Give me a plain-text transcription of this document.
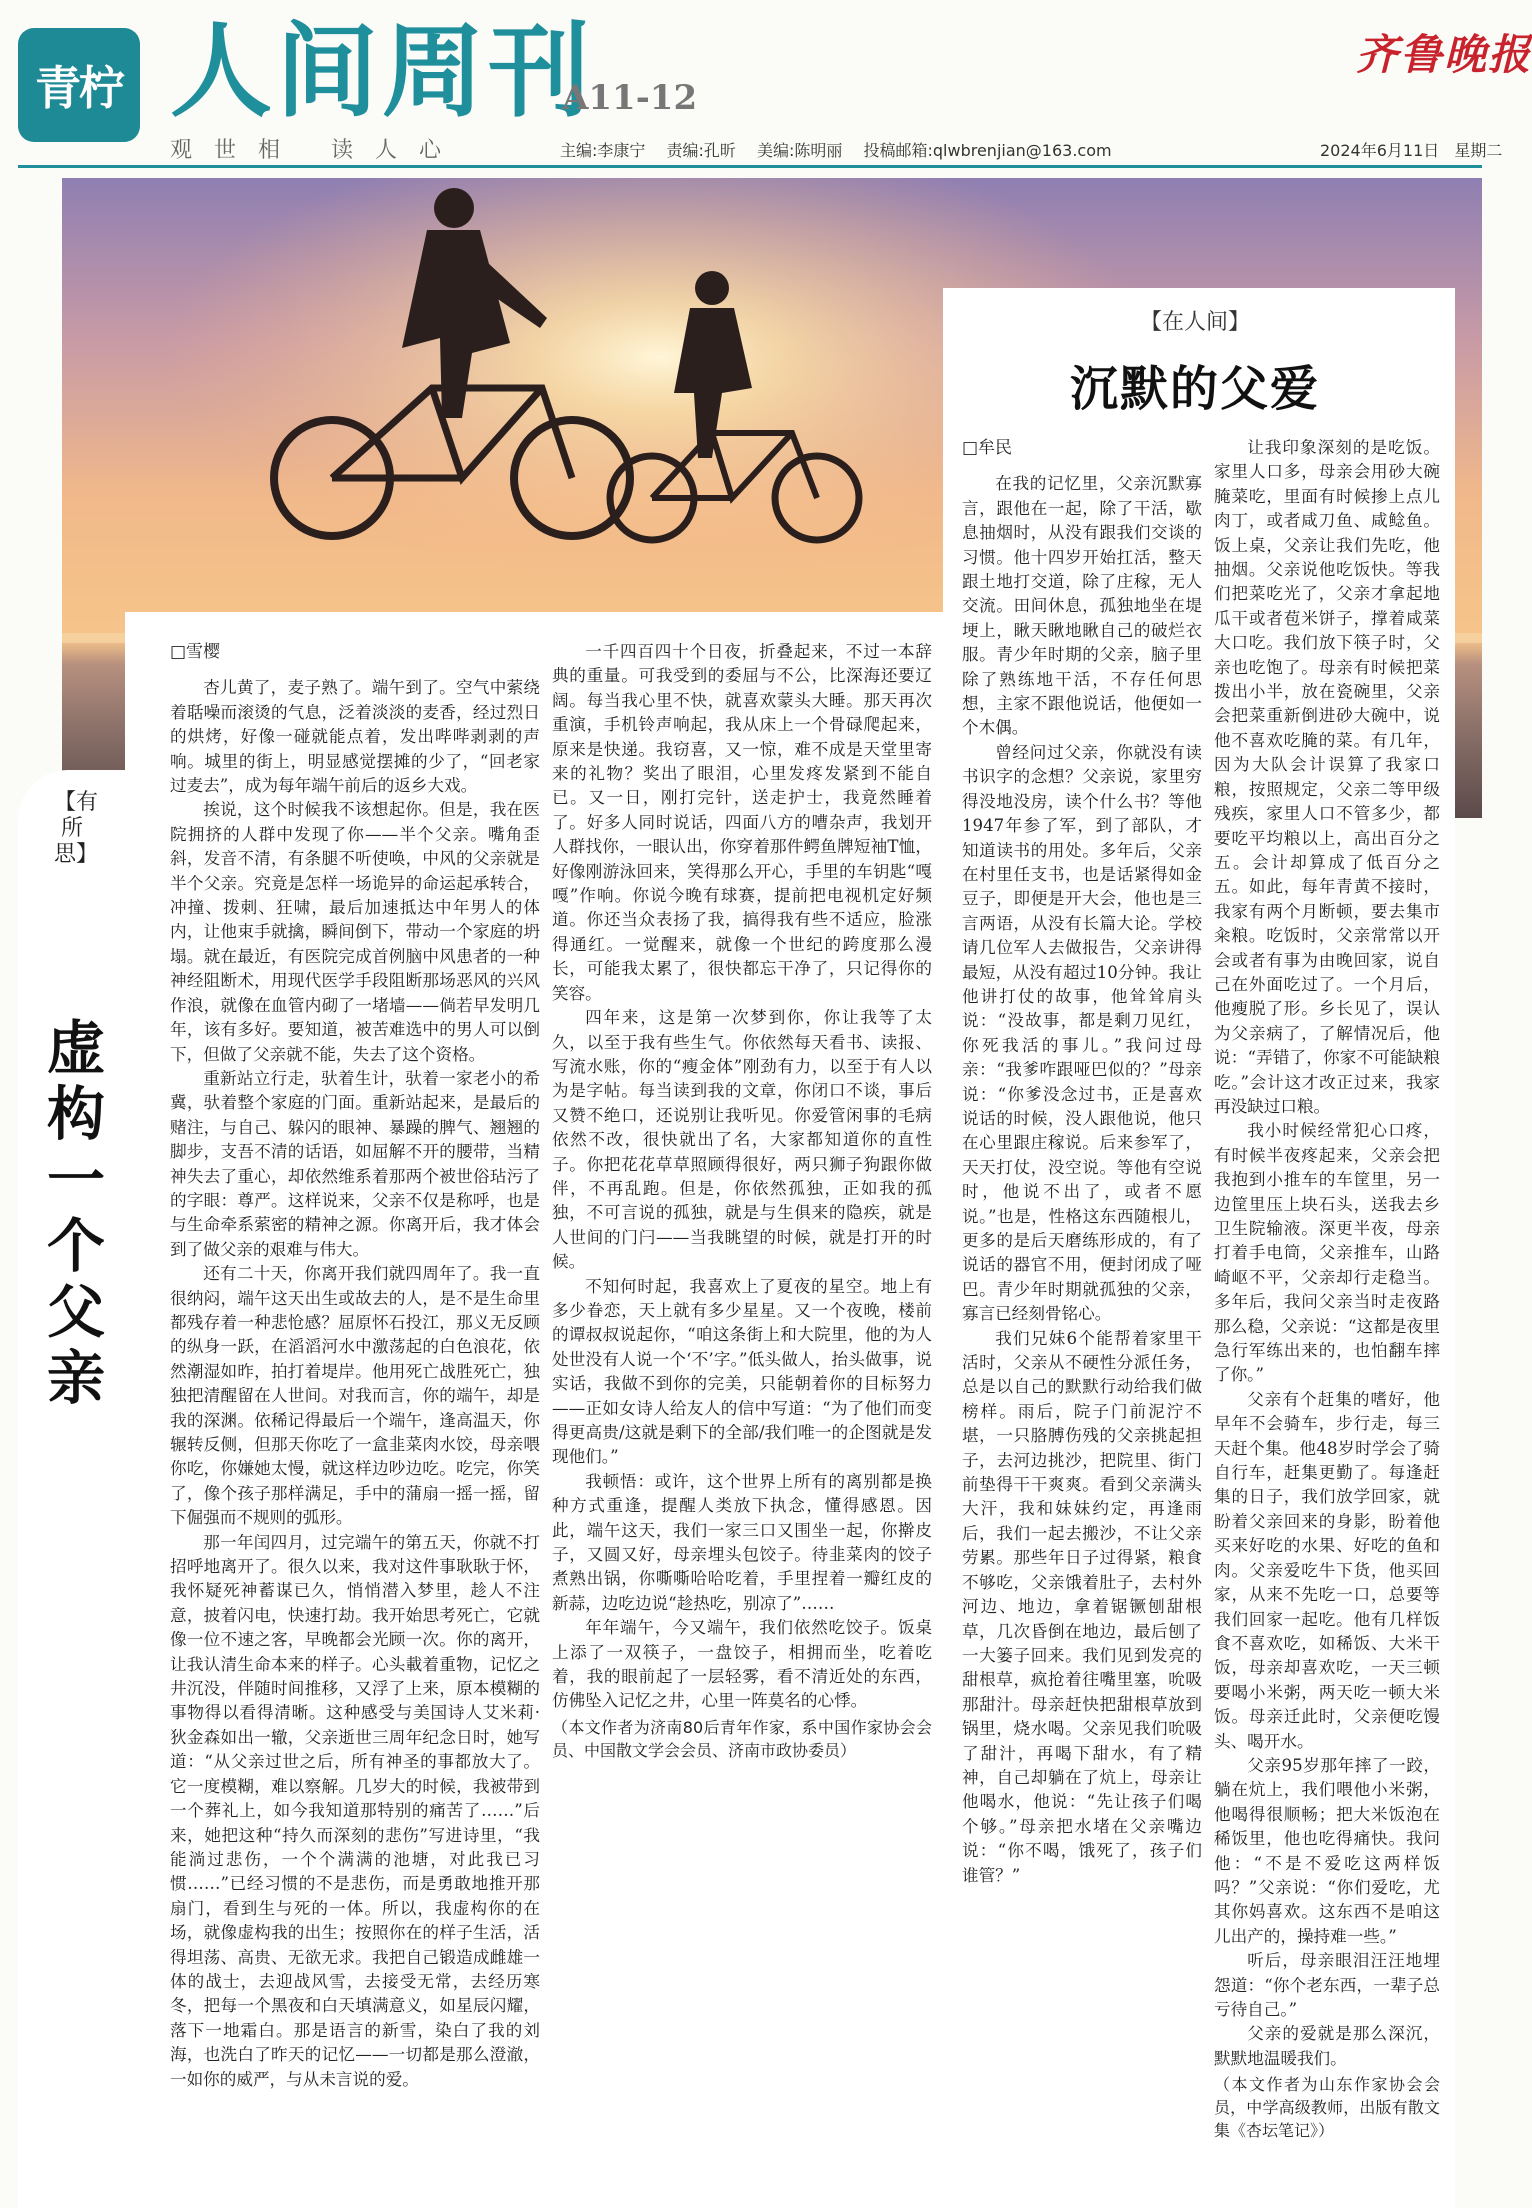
青柠 人间周刊
A11-12
齐鲁晚报
观世相 读人心	主编:李康宁 责编:孔昕 美编:陈明丽 投稿邮箱:qlwbrenjian@163.com	2024年6月11日 星期二
【有所思】
虚构一个父亲

□雪樱

杏儿黄了，麦子熟了。端午到了。空气中萦绕着聒噪而滚烫的气息，泛着淡淡的麦香，经过烈日的烘烤，好像一碰就能点着，发出哔哔剥剥的声响。城里的街上，明显感觉摆摊的少了，“回老家过麦去”，成为每年端午前后的返乡大戏。

挨说，这个时候我不该想起你。但是，我在医院拥挤的人群中发现了你——半个父亲。嘴角歪斜，发音不清，有条腿不听使唤，中风的父亲就是半个父亲。究竟是怎样一场诡异的命运起承转合，冲撞、拨刺、狂啸，最后加速抵达中年男人的体内，让他束手就擒，瞬间倒下，带动一个家庭的坍塌。就在最近，有医院完成首例脑中风患者的一种神经阻断术，用现代医学手段阻断那场恶风的兴风作浪，就像在血管内砌了一堵墙——倘若早发明几年，该有多好。要知道，被苦难选中的男人可以倒下，但做了父亲就不能，失去了这个资格。

重新站立行走，驮着生计，驮着一家老小的希冀，驮着整个家庭的门面。重新站起来，是最后的赌注，与自己、躲闪的眼神、暴躁的脾气、翘翘的脚步，支吾不清的话语，如屈解不开的腰带，当精神失去了重心，却依然维系着那两个被世俗玷污了的字眼：尊严。这样说来，父亲不仅是称呼，也是与生命牵系萦密的精神之源。你离开后，我才体会到了做父亲的艰难与伟大。

还有二十天，你离开我们就四周年了。我一直很纳闷，端午这天出生或故去的人，是不是生命里都残存着一种悲怆感？屈原怀石投江，那义无反顾的纵身一跃，在滔滔河水中激荡起的白色浪花，依然潮湿如昨，拍打着堤岸。他用死亡战胜死亡，独独把清醒留在人世间。对我而言，你的端午，却是我的深渊。依稀记得最后一个端午，逢高温天，你辗转反侧，但那天你吃了一盒韭菜肉水饺，母亲喂你吃，你嫌她太慢，就这样边吵边吃。吃完，你笑了，像个孩子那样满足，手中的蒲扇一摇一摇，留下倔强而不规则的弧形。

那一年闰四月，过完端午的第五天，你就不打招呼地离开了。很久以来，我对这件事耿耿于怀，我怀疑死神蓄谋已久，悄悄潜入梦里，趁人不注意，披着闪电，快速打劫。我开始思考死亡，它就像一位不速之客，早晚都会光顾一次。你的离开，让我认清生命本来的样子。心头載着重物，记忆之井沉没，伴随时间推移，又浮了上来，原本模糊的事物得以看得清晰。这种感受与美国诗人艾米莉·狄金森如出一辙，父亲逝世三周年纪念日时，她写道：“从父亲过世之后，所有神圣的事都放大了。它一度模糊，难以察解。几岁大的时候，我被带到一个葬礼上，如今我知道那特别的痛苦了……”后来，她把这种“持久而深刻的悲伤”写进诗里，“我能淌过悲伤，一个个满满的池塘，对此我已习惯……”已经习惯的不是悲伤，而是勇敢地推开那扇门，看到生与死的一体。所以，我虚构你的在场，就像虚构我的出生；按照你在的样子生活，活得坦荡、高贵、无欲无求。我把自己锻造成雌雄一体的战士，去迎战风雪，去接受无常，去经历寒冬，把每一个黑夜和白天填满意义，如星辰闪耀，落下一地霜白。那是语言的新雪，染白了我的刘海，也洗白了昨天的记忆——一切都是那么澄澈，一如你的威严，与从未言说的爱。

一千四百四十个日夜，折叠起来，不过一本辞典的重量。可我受到的委屈与不公，比深海还要辽阔。每当我心里不快，就喜欢蒙头大睡。那天再次重演，手机铃声响起，我从床上一个骨碌爬起来，原来是快递。我窃喜，又一惊，难不成是天堂里寄来的礼物？奖出了眼泪，心里发疼发紧到不能自已。又一日，刚打完针，送走护士，我竟然睡着了。好多人同时说话，四面八方的嘈杂声，我划开人群找你，一眼认出，你穿着那件鳄鱼牌短袖T恤，好像刚游泳回来，笑得那么开心，手里的车钥匙“嘎嘎”作响。你说今晚有球赛，提前把电视机定好频道。你还当众表扬了我，搞得我有些不适应，脸涨得通红。一觉醒来，就像一个世纪的跨度那么漫长，可能我太累了，很快都忘干净了，只记得你的笑容。

四年来，这是第一次梦到你，你让我等了太久，以至于我有些生气。你依然每天看书、读报、写流水账，你的“瘦金体”刚劲有力，以至于有人以为是字帖。每当读到我的文章，你闭口不谈，事后又赞不绝口，还说别让我听见。你爱管闲事的毛病依然不改，很快就出了名，大家都知道你的直性子。你把花花草草照顾得很好，两只狮子狗跟你做伴，不再乱跑。但是，你依然孤独，正如我的孤独，不可言说的孤独，就是与生俱来的隐疾，就是人世间的门闩——当我眺望的时候，就是打开的时候。

不知何时起，我喜欢上了夏夜的星空。地上有多少眷恋，天上就有多少星星。又一个夜晚，楼前的谭叔叔说起你，“咱这条街上和大院里，他的为人处世没有人说一个‘不’字。”低头做人，抬头做事，说实话，我做不到你的完美，只能朝着你的目标努力——正如女诗人给友人的信中写道：“为了他们而变得更高贵/这就是剩下的全部/我们唯一的企图就是发现他们。”

我顿悟：或许，这个世界上所有的离别都是换种方式重逢，提醒人类放下执念，懂得感恩。因此，端午这天，我们一家三口又围坐一起，你擀皮子，又圆又好，母亲埋头包饺子。待韭菜肉的饺子煮熟出锅，你嘶嘶哈哈吃着，手里捏着一瓣红皮的新蒜，边吃边说“趁热吃，别凉了”……

年年端午，今又端午，我们依然吃饺子。饭桌上添了一双筷子，一盘饺子，相拥而坐，吃着吃着，我的眼前起了一层轻雾，看不清近处的东西，仿佛坠入记忆之井，心里一阵莫名的心悸。

（本文作者为济南80后青年作家，系中国作家协会会员、中国散文学会会员、济南市政协委员）

【在人间】
沉默的父爱

□牟民

在我的记忆里，父亲沉默寡言，跟他在一起，除了干活，歇息抽烟时，从没有跟我们交谈的习惯。他十四岁开始扛活，整天跟土地打交道，除了庄稼，无人交流。田间休息，孤独地坐在堤埂上，瞅天瞅地瞅自己的破烂衣服。青少年时期的父亲，脑子里除了熟练地干活，不存任何思想，主家不跟他说话，他便如一个木偶。

曾经问过父亲，你就没有读书识字的念想？父亲说，家里穷得没地没房，读个什么书？等他1947年参了军，到了部队，才知道读书的用处。多年后，父亲在村里任支书，也是话紧得如金豆子，即便是开大会，他也是三言两语，从没有长篇大论。学校请几位军人去做报告，父亲讲得最短，从没有超过10分钟。我让他讲打仗的故事，他耸耸肩头说：“没故事，都是剩刀见红，你死我活的事儿。”我问过母亲：“我爹咋跟哑巴似的？”母亲说：“你爹没念过书，正是喜欢说话的时候，没人跟他说，他只在心里跟庄稼说。后来参军了，天天打仗，没空说。等他有空说时，他说不出了，或者不愿说。”也是，性格这东西随根儿，更多的是后天磨练形成的，有了说话的器官不用，便封闭成了哑巴。青少年时期就孤独的父亲，寡言已经刻骨铭心。

我们兄妹6个能帮着家里干活时，父亲从不硬性分派任务，总是以自己的默默行动给我们做榜样。雨后，院子门前泥泞不堪，一只胳膊伤残的父亲挑起担子，去河边挑沙，把院里、街门前垫得干干爽爽。看到父亲满头大汗，我和妹妹约定，再逢雨后，我们一起去搬沙，不让父亲劳累。那些年日子过得紧，粮食不够吃，父亲饿着肚子，去村外河边、地边，拿着锯镢刨甜根草，几次昏倒在地边，最后刨了一大篓子回来。我们见到发亮的甜根草，疯抢着往嘴里塞，吮吸那甜汁。母亲赶快把甜根草放到锅里，烧水喝。父亲见我们吮吸了甜汁，再喝下甜水，有了精神，自己却躺在了炕上，母亲让他喝水，他说：“先让孩子们喝个够。”母亲把水堵在父亲嘴边说：“你不喝，饿死了，孩子们谁管？”

让我印象深刻的是吃饭。家里人口多，母亲会用砂大碗腌菜吃，里面有时候掺上点儿肉丁，或者咸刀鱼、咸鲶鱼。饭上桌，父亲让我们先吃，他抽烟。父亲说他吃饭快。等我们把菜吃光了，父亲才拿起地瓜干或者苞米饼子，撑着咸菜大口吃。我们放下筷子时，父亲也吃饱了。母亲有时候把菜拨出小半，放在瓷碗里，父亲会把菜重新倒进砂大碗中，说他不喜欢吃腌的菜。有几年，因为大队会计误算了我家口粮，按照规定，父亲二等甲级残疾，家里人口不管多少，都要吃平均粮以上，高出百分之五。会计却算成了低百分之五。如此，每年青黄不接时，我家有两个月断顿，要去集市籴粮。吃饭时，父亲常常以开会或者有事为由晚回家，说自己在外面吃过了。一个月后，他瘦脱了形。乡长见了，误认为父亲病了，了解情况后，他说：“弄错了，你家不可能缺粮吃。”会计这才改正过来，我家再没缺过口粮。

我小时候经常犯心口疼，有时候半夜疼起来，父亲会把我抱到小推车的车筐里，另一边筐里压上块石头，送我去乡卫生院输液。深更半夜，母亲打着手电筒，父亲推车，山路崎岖不平，父亲却行走稳当。多年后，我问父亲当时走夜路那么稳，父亲说：“这都是夜里急行军练出来的，也怕翻车摔了你。”

父亲有个赶集的嗜好，他早年不会骑车，步行走，每三天赶个集。他48岁时学会了骑自行车，赶集更勤了。每逢赶集的日子，我们放学回家，就盼着父亲回来的身影，盼着他买来好吃的水果、好吃的鱼和肉。父亲爱吃牛下货，他买回家，从来不先吃一口，总要等我们回家一起吃。他有几样饭食不喜欢吃，如稀饭、大米干饭，母亲却喜欢吃，一天三顿要喝小米粥，两天吃一顿大米饭。母亲迁此时，父亲便吃馒头、喝开水。

父亲95岁那年摔了一跤，躺在炕上，我们喂他小米粥，他喝得很顺畅；把大米饭泡在稀饭里，他也吃得痛快。我问他：“不是不爱吃这两样饭吗？”父亲说：“你们爱吃，尤其你妈喜欢。这东西不是咱这儿出产的，操持难一些。”

听后，母亲眼泪汪汪地埋怨道：“你个老东西，一辈子总亏待自己。”

父亲的爱就是那么深沉，默默地温暖我们。

（本文作者为山东作家协会会员，中学高级教师，出版有散文集《杏坛笔记》）
